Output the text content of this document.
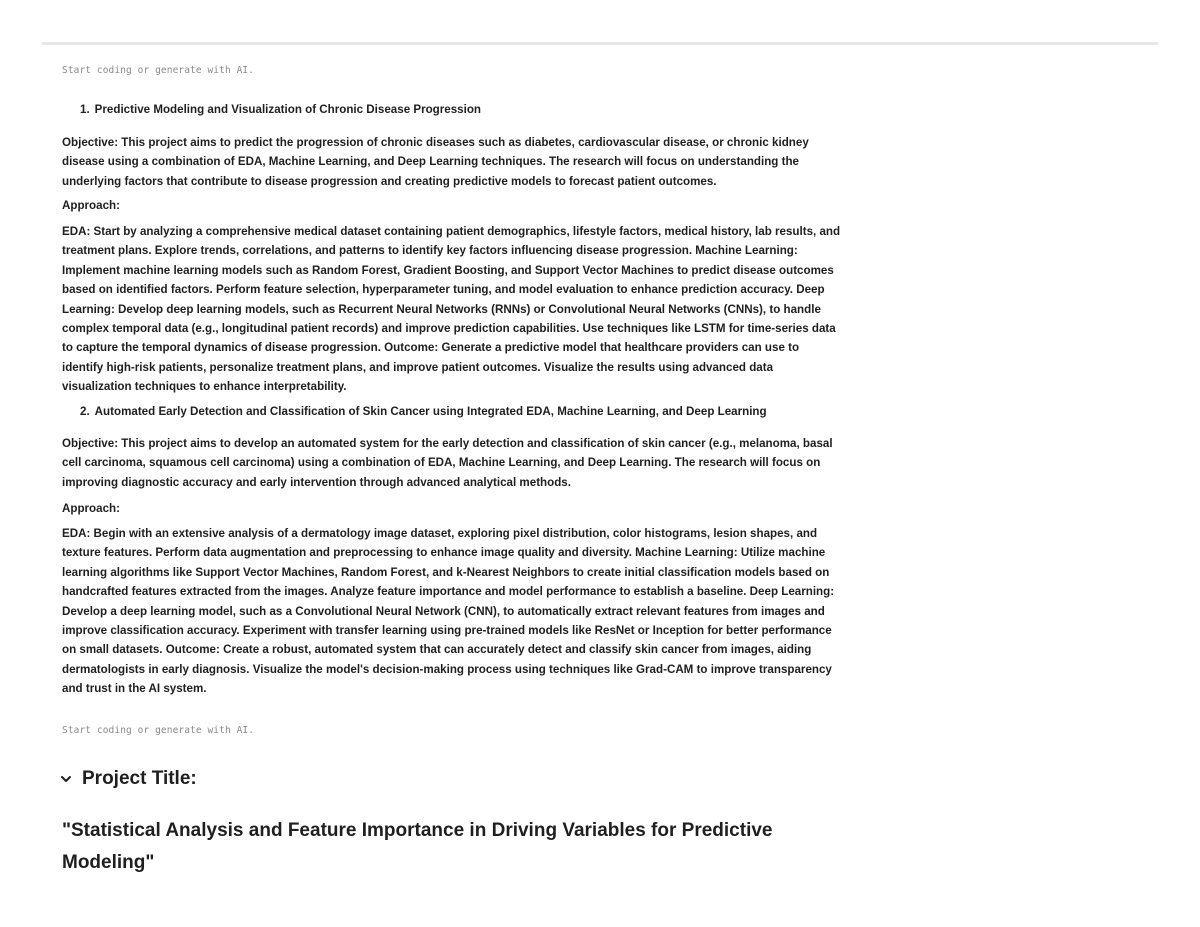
Start coding or generate with AI.
1. Predictive Modeling and Visualization of Chronic Disease Progression
Objective: This project aims to predict the progression of chronic diseases such as diabetes, cardiovascular disease, or chronic kidney disease using a combination of EDA, Machine Learning, and Deep Learning techniques. The research will focus on understanding the underlying factors that contribute to disease progression and creating predictive models to forecast patient outcomes.
Approach:
EDA: Start by analyzing a comprehensive medical dataset containing patient demographics, lifestyle factors, medical history, lab results, and treatment plans. Explore trends, correlations, and patterns to identify key factors influencing disease progression. Machine Learning: Implement machine learning models such as Random Forest, Gradient Boosting, and Support Vector Machines to predict disease outcomes based on identified factors. Perform feature selection, hyperparameter tuning, and model evaluation to enhance prediction accuracy. Deep Learning: Develop deep learning models, such as Recurrent Neural Networks (RNNs) or Convolutional Neural Networks (CNNs), to handle complex temporal data (e.g., longitudinal patient records) and improve prediction capabilities. Use techniques like LSTM for time-series data to capture the temporal dynamics of disease progression. Outcome: Generate a predictive model that healthcare providers can use to identify high-risk patients, personalize treatment plans, and improve patient outcomes. Visualize the results using advanced data visualization techniques to enhance interpretability.
2. Automated Early Detection and Classification of Skin Cancer using Integrated EDA, Machine Learning, and Deep Learning
Objective: This project aims to develop an automated system for the early detection and classification of skin cancer (e.g., melanoma, basal cell carcinoma, squamous cell carcinoma) using a combination of EDA, Machine Learning, and Deep Learning. The research will focus on improving diagnostic accuracy and early intervention through advanced analytical methods.
Approach:
EDA: Begin with an extensive analysis of a dermatology image dataset, exploring pixel distribution, color histograms, lesion shapes, and texture features. Perform data augmentation and preprocessing to enhance image quality and diversity. Machine Learning: Utilize machine learning algorithms like Support Vector Machines, Random Forest, and k-Nearest Neighbors to create initial classification models based on handcrafted features extracted from the images. Analyze feature importance and model performance to establish a baseline. Deep Learning: Develop a deep learning model, such as a Convolutional Neural Network (CNN), to automatically extract relevant features from images and improve classification accuracy. Experiment with transfer learning using pre-trained models like ResNet or Inception for better performance on small datasets. Outcome: Create a robust, automated system that can accurately detect and classify skin cancer from images, aiding dermatologists in early diagnosis. Visualize the model's decision-making process using techniques like Grad-CAM to improve transparency and trust in the AI system.
Start coding or generate with AI.
Project Title:
"Statistical Analysis and Feature Importance in Driving Variables for Predictive Modeling"
